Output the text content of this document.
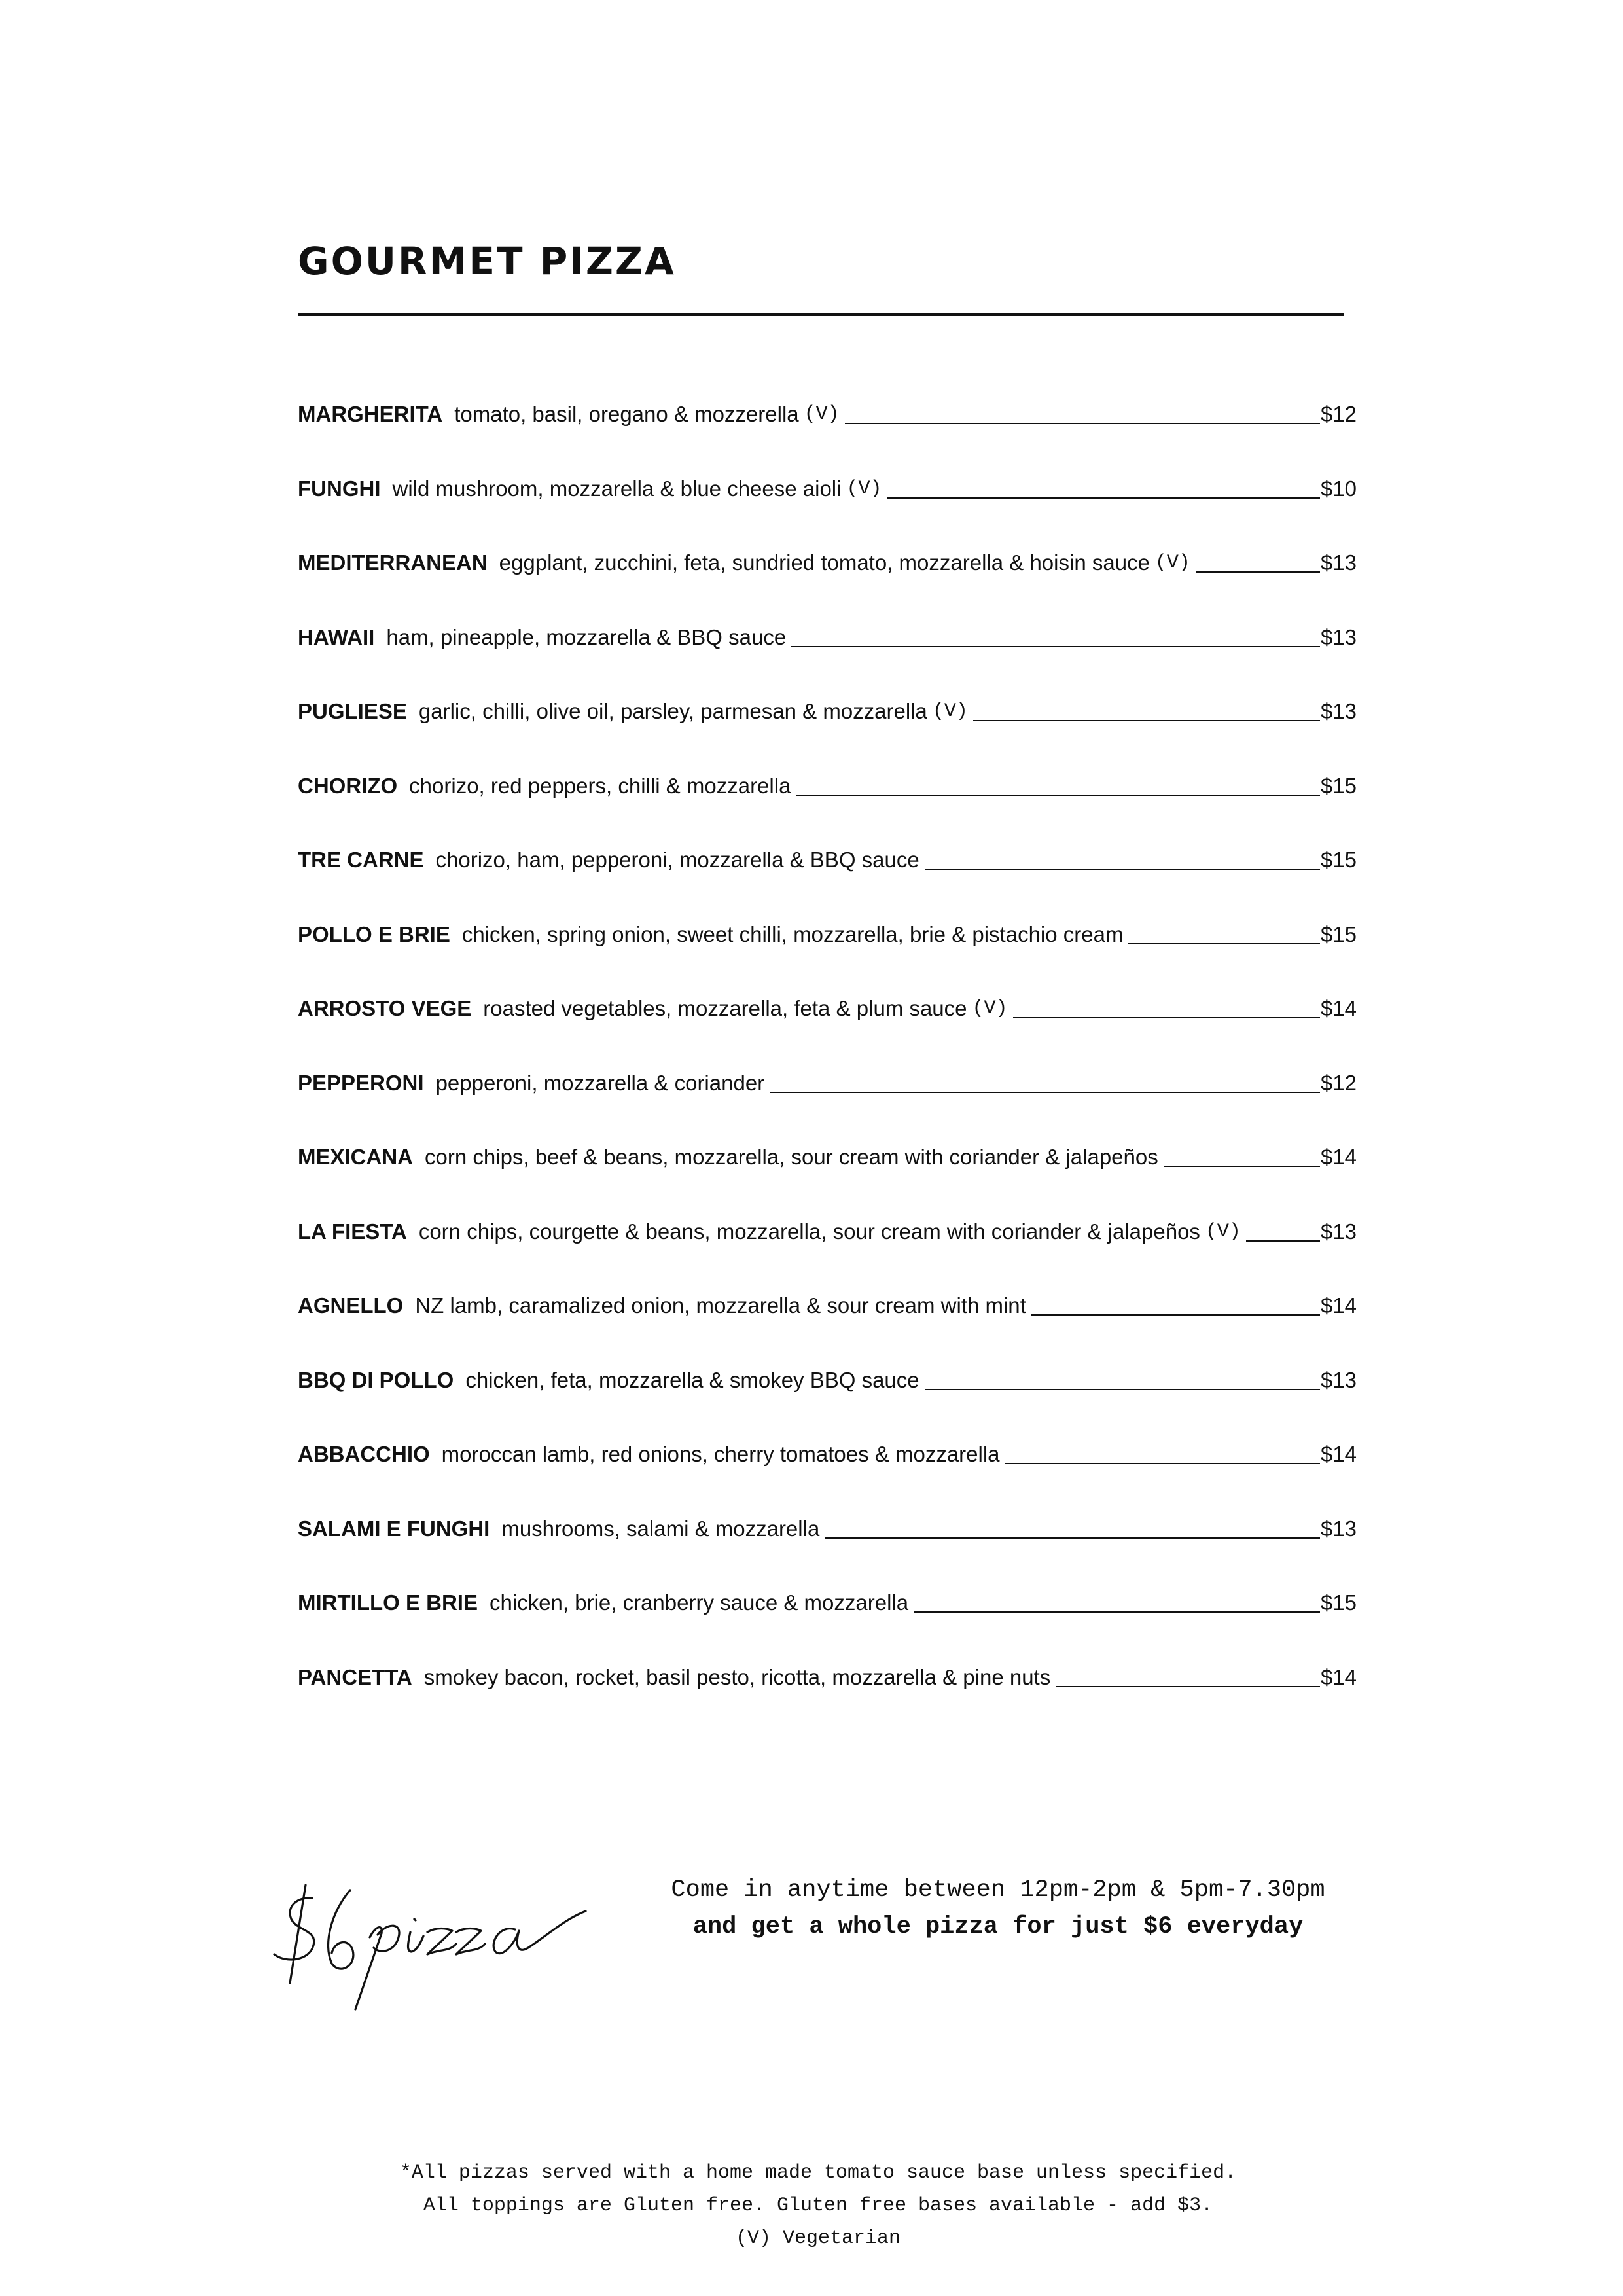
GOURMET PIZZA
MARGHERITA tomato, basil, oregano & mozzerella (V)	$12
FUNGHI wild mushroom, mozzarella & blue cheese aioli (V)	$10
MEDITERRANEAN eggplant, zucchini, feta, sundried tomato, mozzarella & hoisin sauce (V)	$13
HAWAII ham, pineapple, mozzarella & BBQ sauce	$13
PUGLIESE garlic, chilli, olive oil, parsley, parmesan & mozzarella (V)	$13
CHORIZO chorizo, red peppers, chilli & mozzarella	$15
TRE CARNE chorizo, ham, pepperoni, mozzarella & BBQ sauce	$15
POLLO E BRIE chicken, spring onion, sweet chilli, mozzarella, brie & pistachio cream	$15
ARROSTO VEGE roasted vegetables, mozzarella, feta & plum sauce (V)	$14
PEPPERONI pepperoni, mozzarella & coriander	$12
MEXICANA corn chips, beef & beans, mozzarella, sour cream with coriander & jalapeños	$14
LA FIESTA corn chips, courgette & beans, mozzarella, sour cream with coriander & jalapeños (V)	$13
AGNELLO NZ lamb, caramalized onion, mozzarella & sour cream with mint	$14
BBQ DI POLLO chicken, feta, mozzarella & smokey BBQ sauce	$13
ABBACCHIO moroccan lamb, red onions, cherry tomatoes & mozzarella	$14
SALAMI E FUNGHI mushrooms, salami & mozzarella	$13
MIRTILLO E BRIE chicken, brie, cranberry sauce & mozzarella	$15
PANCETTA smokey bacon, rocket, basil pesto, ricotta, mozzarella & pine nuts	$14
Come in anytime between 12pm-2pm & 5pm-7.30pm
and get a whole pizza for just $6 everyday
*All pizzas served with a home made tomato sauce base unless specified.
All toppings are Gluten free. Gluten free bases available - add $3.
(V) Vegetarian
